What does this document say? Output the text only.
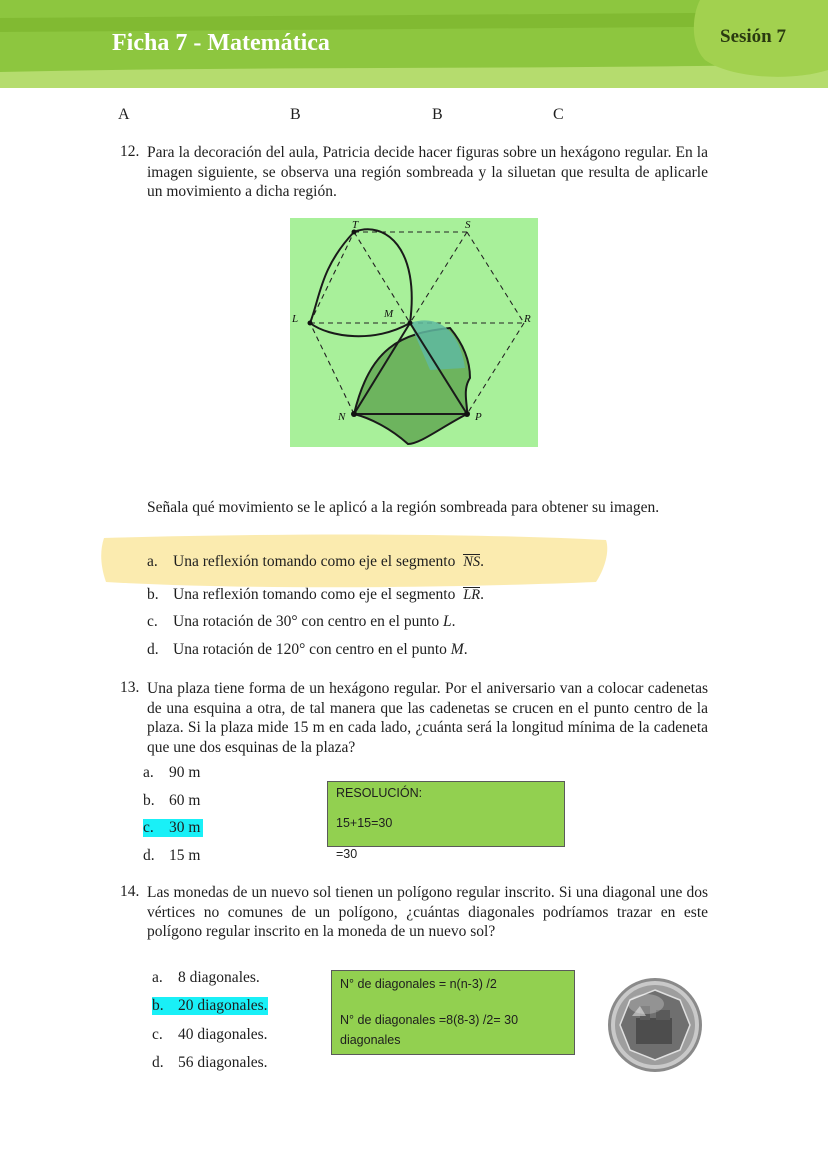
Ficha 7 - Matemática	Sesión 7
A	B	B	C
12. Para la decoración del aula, Patricia decide hacer figuras sobre un hexágono regular. En la imagen siguiente, se observa una región sombreada y la siluetan que resulta de aplicarle un movimiento a dicha región.
T	S
L	M	R
N	P
Señala qué movimiento se le aplicó a la región sombreada para obtener su imagen.
a. Una reflexión tomando como eje el segmento NS.
b. Una reflexión tomando como eje el segmento LR.
c. Una rotación de 30° con centro en el punto L.
d. Una rotación de 120° con centro en el punto M.
13. Una plaza tiene forma de un hexágono regular. Por el aniversario van a colocar cadenetas de una esquina a otra, de tal manera que las cadenetas se crucen en el punto centro de la plaza. Si la plaza mide 15 m en cada lado, ¿cuánta será la longitud mínima de la cadeneta que une dos esquinas de la plaza?
a. 90 m
b. 60 m
c. 30 m
d. 15 m
RESOLUCIÓN:
15+15=30
=30
14. Las monedas de un nuevo sol tienen un polígono regular inscrito. Si una diagonal une dos vértices no comunes de un polígono, ¿cuántas diagonales podríamos trazar en este polígono regular inscrito en la moneda de un nuevo sol?
a. 8 diagonales.
b. 20 diagonales.
c. 40 diagonales.
d. 56 diagonales.
N° de diagonales = n(n-3) /2
N° de diagonales =8(8-3) /2= 30
diagonales
